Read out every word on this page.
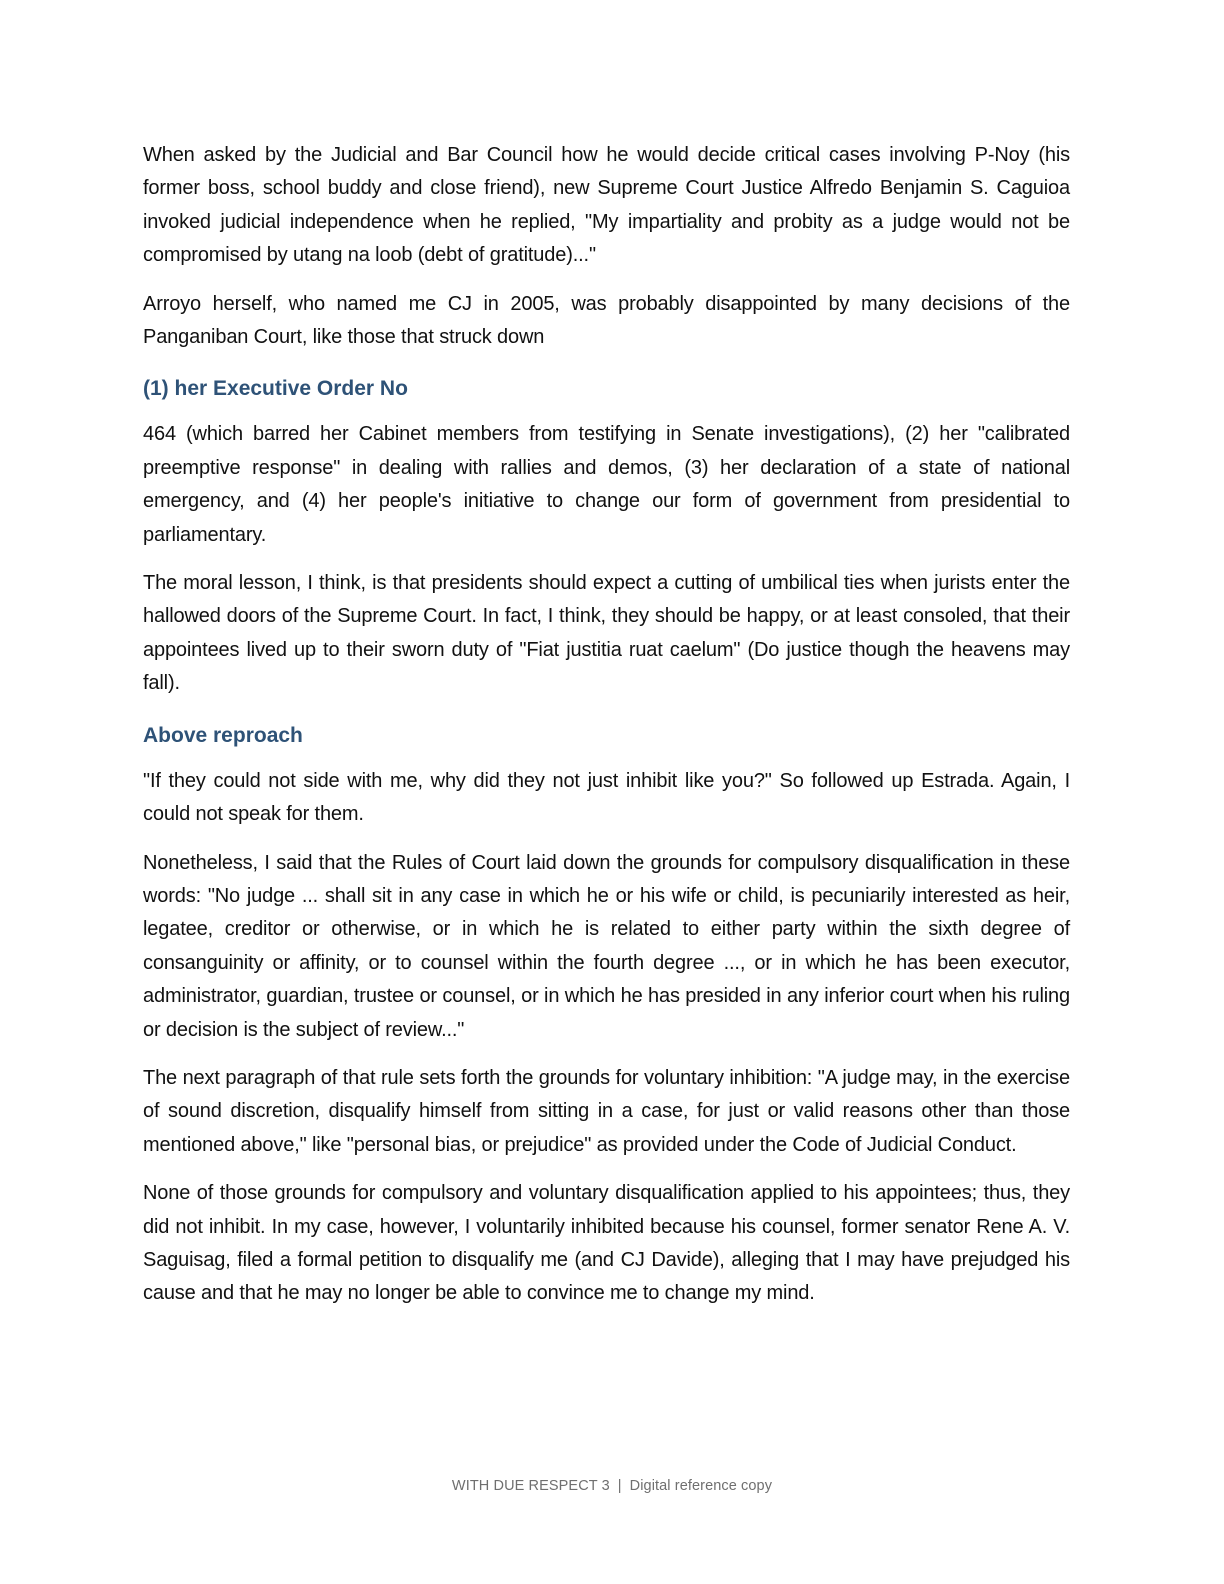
When asked by the Judicial and Bar Council how he would decide critical cases involving P-Noy (his former boss, school buddy and close friend), new Supreme Court Justice Alfredo Benjamin S. Caguioa invoked judicial independence when he replied, "My impartiality and probity as a judge would not be compromised by utang na loob (debt of gratitude)..."

Arroyo herself, who named me CJ in 2005, was probably disappointed by many decisions of the Panganiban Court, like those that struck down

(1) her Executive Order No

464 (which barred her Cabinet members from testifying in Senate investigations), (2) her "calibrated preemptive response" in dealing with rallies and demos, (3) her declaration of a state of national emergency, and (4) her people's initiative to change our form of government from presidential to parliamentary.

The moral lesson, I think, is that presidents should expect a cutting of umbilical ties when jurists enter the hallowed doors of the Supreme Court. In fact, I think, they should be happy, or at least consoled, that their appointees lived up to their sworn duty of "Fiat justitia ruat caelum" (Do justice though the heavens may fall).

Above reproach

"If they could not side with me, why did they not just inhibit like you?" So followed up Estrada. Again, I could not speak for them.

Nonetheless, I said that the Rules of Court laid down the grounds for compulsory disqualification in these words: "No judge ... shall sit in any case in which he or his wife or child, is pecuniarily interested as heir, legatee, creditor or otherwise, or in which he is related to either party within the sixth degree of consanguinity or affinity, or to counsel within the fourth degree ..., or in which he has been executor, administrator, guardian, trustee or counsel, or in which he has presided in any inferior court when his ruling or decision is the subject of review..."

The next paragraph of that rule sets forth the grounds for voluntary inhibition: "A judge may, in the exercise of sound discretion, disqualify himself from sitting in a case, for just or valid reasons other than those mentioned above," like "personal bias, or prejudice" as provided under the Code of Judicial Conduct.

None of those grounds for compulsory and voluntary disqualification applied to his appointees; thus, they did not inhibit. In my case, however, I voluntarily inhibited because his counsel, former senator Rene A. V. Saguisag, filed a formal petition to disqualify me (and CJ Davide), alleging that I may have prejudged his cause and that he may no longer be able to convince me to change my mind.

WITH DUE RESPECT 3 | Digital reference copy
